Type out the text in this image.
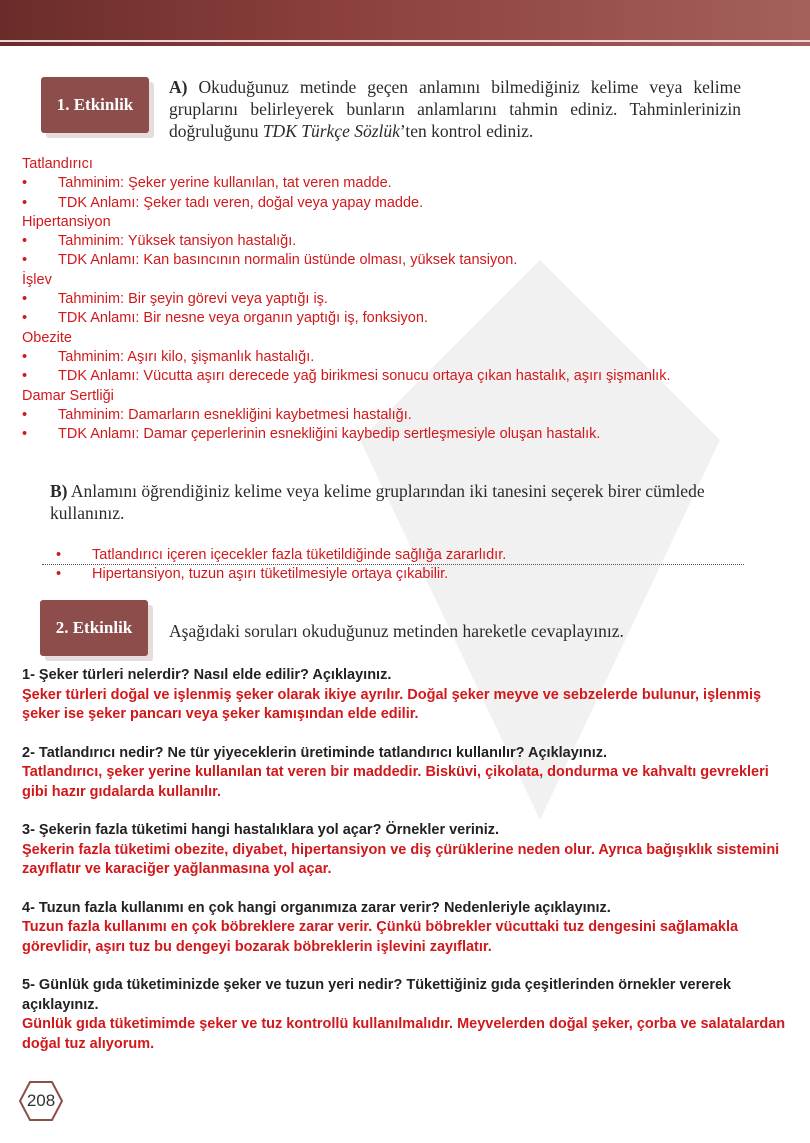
1. Etkinlik
A) Okuduğunuz metinde geçen anlamını bilmediğiniz kelime veya kelime gruplarını belirleyerek bunların anlamlarını tahmin ediniz. Tahminlerinizin doğruluğunu TDK Türkçe Sözlük’ten kontrol ediniz.
Tatlandırıcı
• Tahminim: Şeker yerine kullanılan, tat veren madde.
• TDK Anlamı: Şeker tadı veren, doğal veya yapay madde.
Hipertansiyon
• Tahminim: Yüksek tansiyon hastalığı.
• TDK Anlamı: Kan basıncının normalin üstünde olması, yüksek tansiyon.
İşlev
• Tahminim: Bir şeyin görevi veya yaptığı iş.
• TDK Anlamı: Bir nesne veya organın yaptığı iş, fonksiyon.
Obezite
• Tahminim: Aşırı kilo, şişmanlık hastalığı.
• TDK Anlamı: Vücutta aşırı derecede yağ birikmesi sonucu ortaya çıkan hastalık, aşırı şişmanlık.
Damar Sertliği
• Tahminim: Damarların esnekliğini kaybetmesi hastalığı.
• TDK Anlamı: Damar çeperlerinin esnekliğini kaybedip sertleşmesiyle oluşan hastalık.
B) Anlamını öğrendiğiniz kelime veya kelime gruplarından iki tanesini seçerek birer cümlede kullanınız.
• Tatlandırıcı içeren içecekler fazla tüketildiğinde sağlığa zararlıdır.
• Hipertansiyon, tuzun aşırı tüketilmesiyle ortaya çıkabilir.
2. Etkinlik	Aşağıdaki soruları okuduğunuz metinden hareketle cevaplayınız.
1- Şeker türleri nelerdir? Nasıl elde edilir? Açıklayınız.
Şeker türleri doğal ve işlenmiş şeker olarak ikiye ayrılır. Doğal şeker meyve ve sebzelerde bulunur, işlenmiş şeker ise şeker pancarı veya şeker kamışından elde edilir.
2- Tatlandırıcı nedir? Ne tür yiyeceklerin üretiminde tatlandırıcı kullanılır? Açıklayınız.
Tatlandırıcı, şeker yerine kullanılan tat veren bir maddedir. Bisküvi, çikolata, dondurma ve kahvaltı gevrekleri gibi hazır gıdalarda kullanılır.
3- Şekerin fazla tüketimi hangi hastalıklara yol açar? Örnekler veriniz.
Şekerin fazla tüketimi obezite, diyabet, hipertansiyon ve diş çürüklerine neden olur. Ayrıca bağışıklık sistemini zayıflatır ve karaciğer yağlanmasına yol açar.
4- Tuzun fazla kullanımı en çok hangi organımıza zarar verir? Nedenleriyle açıklayınız.
Tuzun fazla kullanımı en çok böbreklere zarar verir. Çünkü böbrekler vücuttaki tuz dengesini sağlamakla görevlidir, aşırı tuz bu dengeyi bozarak böbreklerin işlevini zayıflatır.
5- Günlük gıda tüketiminizde şeker ve tuzun yeri nedir? Tükettiğiniz gıda çeşitlerinden örnekler vererek açıklayınız.
Günlük gıda tüketimimde şeker ve tuz kontrollü kullanılmalıdır. Meyvelerden doğal şeker, çorba ve salatalardan doğal tuz alıyorum.
208
